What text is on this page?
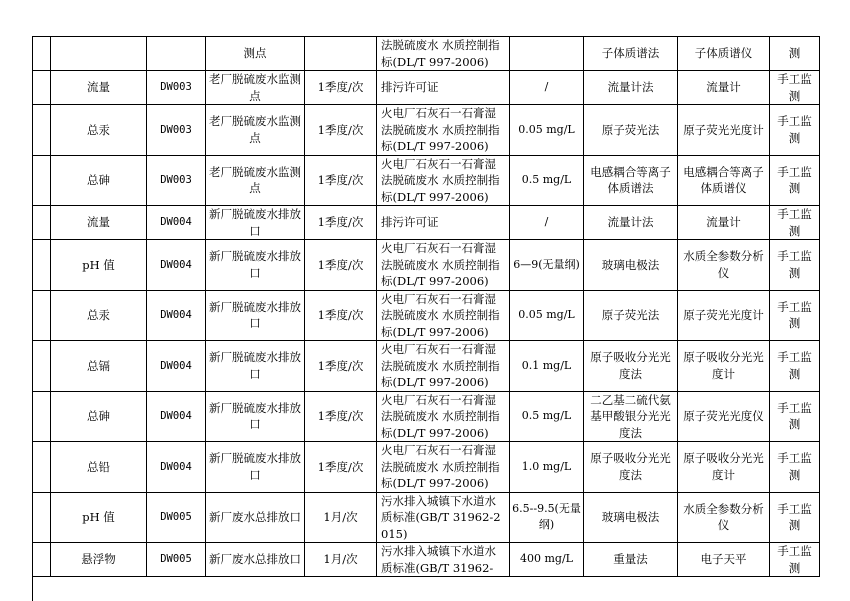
			测点		法脱硫废水 水质控制指标(DL/T 997-2006)		子体质谱法	子体质谱仪	测
	流量	DW003	老厂脱硫废水监测点	1季度/次	排污许可证	/	流量计法	流量计	手工监测
	总汞	DW003	老厂脱硫废水监测点	1季度/次	火电厂石灰石一石膏湿法脱硫废水 水质控制指标(DL/T 997-2006)	0.05 mg/L	原子荧光法	原子荧光光度计	手工监测
	总砷	DW003	老厂脱硫废水监测点	1季度/次	火电厂石灰石一石膏湿法脱硫废水 水质控制指标(DL/T 997-2006)	0.5 mg/L	电感耦合等离子体质谱法	电感耦合等离子体质谱仪	手工监测
	流量	DW004	新厂脱硫废水排放口	1季度/次	排污许可证	/	流量计法	流量计	手工监测
	pH 值	DW004	新厂脱硫废水排放口	1季度/次	火电厂石灰石一石膏湿法脱硫废水 水质控制指标(DL/T 997-2006)	6—9(无量纲)	玻璃电极法	水质全参数分析仪	手工监测
	总汞	DW004	新厂脱硫废水排放口	1季度/次	火电厂石灰石一石膏湿法脱硫废水 水质控制指标(DL/T 997-2006)	0.05 mg/L	原子荧光法	原子荧光光度计	手工监测
	总镉	DW004	新厂脱硫废水排放口	1季度/次	火电厂石灰石一石膏湿法脱硫废水 水质控制指标(DL/T 997-2006)	0.1 mg/L	原子吸收分光光度法	原子吸收分光光度计	手工监测
	总砷	DW004	新厂脱硫废水排放口	1季度/次	火电厂石灰石一石膏湿法脱硫废水 水质控制指标(DL/T 997-2006)	0.5 mg/L	二乙基二硫代氨基甲酸银分光光度法	原子荧光光度仪	手工监测
	总铅	DW004	新厂脱硫废水排放口	1季度/次	火电厂石灰石一石膏湿法脱硫废水 水质控制指标(DL/T 997-2006)	1.0 mg/L	原子吸收分光光度法	原子吸收分光光度计	手工监测
	pH 值	DW005	新厂废水总排放口	1月/次	污水排入城镇下水道水质标准(GB/T 31962-2015)	6.5--9.5(无量纲)	玻璃电极法	水质全参数分析仪	手工监测
	悬浮物	DW005	新厂废水总排放口	1月/次	污水排入城镇下水道水质标准(GB/T 31962-	400 mg/L	重量法	电子天平	手工监测
